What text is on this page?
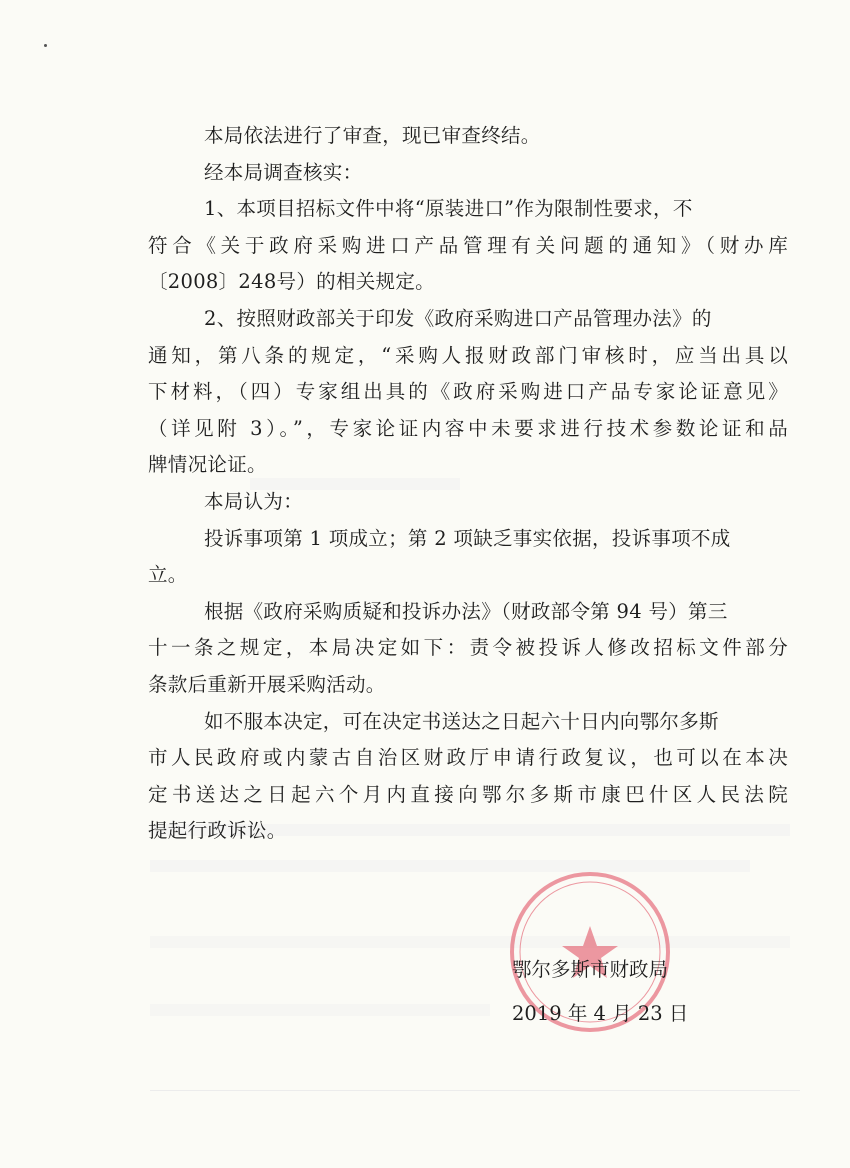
本局依法进行了审查，现已审查终结。
经本局调查核实：
1、本项目招标文件中将“原装进口”作为限制性要求，不
符合《关于政府采购进口产品管理有关问题的通知》（财办库
〔2008〕248号）的相关规定。
2、按照财政部关于印发《政府采购进口产品管理办法》的
通知，第八条的规定，“采购人报财政部门审核时，应当出具以
下材料，（四）专家组出具的《政府采购进口产品专家论证意见》
（详见附 3）。”，专家论证内容中未要求进行技术参数论证和品
牌情况论证。
本局认为：
投诉事项第 1 项成立；第 2 项缺乏事实依据，投诉事项不成
立。
根据《政府采购质疑和投诉办法》（财政部令第 94 号）第三
十一条之规定，本局决定如下：责令被投诉人修改招标文件部分
条款后重新开展采购活动。
如不服本决定，可在决定书送达之日起六十日内向鄂尔多斯
市人民政府或内蒙古自治区财政厅申请行政复议，也可以在本决
定书送达之日起六个月内直接向鄂尔多斯市康巴什区人民法院
提起行政诉讼。
鄂尔多斯市财政局
2019 年 4 月 23 日
